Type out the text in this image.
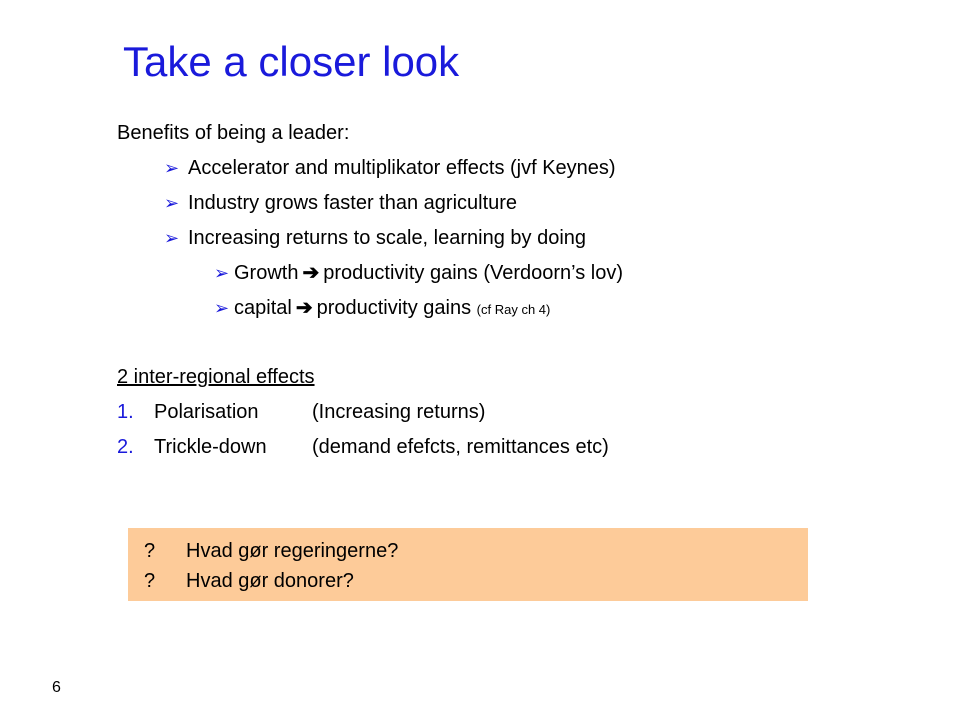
Take a closer look
Benefits of being a leader:
➢ Accelerator and multiplikator effects (jvf Keynes)
➢ Industry grows faster than agriculture
➢ Increasing returns to scale, learning by doing
➢ Growth ➔ productivity gains (Verdoorn’s lov)
➢ capital ➔ productivity gains (cf Ray ch 4)
2 inter-regional effects
1. Polarisation	(Increasing returns)
2. Trickle-down (demand efefcts, remittances etc)
? Hvad gør regeringerne?
? Hvad gør donorer?
6
